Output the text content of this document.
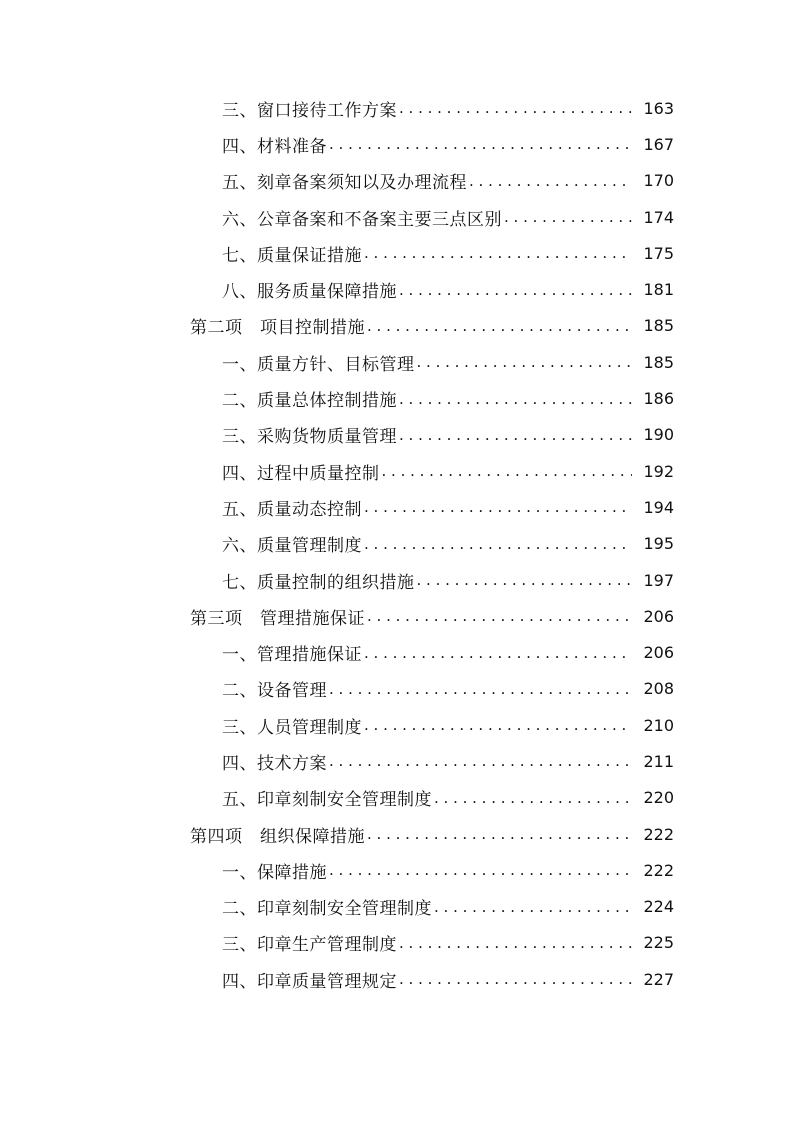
三、窗口接待工作方案 . . .	163
四、材料准备 . . .	167
五、刻章备案须知以及办理流程 . . .	170
六、公章备案和不备案主要三点区别 . . .	174
七、质量保证措施 . . .	175
八、服务质量保障措施 . . .	181
第二项　项目控制措施 . . .	185
一、质量方针、目标管理 . . .	185
二、质量总体控制措施 . . .	186
三、采购货物质量管理 . . .	190
四、过程中质量控制 . . .	192
五、质量动态控制 . . .	194
六、质量管理制度 . . .	195
七、质量控制的组织措施 . . .	197
第三项　管理措施保证 . . .	206
一、管理措施保证 . . .	206
二、设备管理 . . .	208
三、人员管理制度 . . .	210
四、技术方案 . . .	211
五、印章刻制安全管理制度 . . .	220
第四项　组织保障措施 . . .	222
一、保障措施 . . .	222
二、印章刻制安全管理制度 . . .	224
三、印章生产管理制度 . . .	225
四、印章质量管理规定 . . .	227
